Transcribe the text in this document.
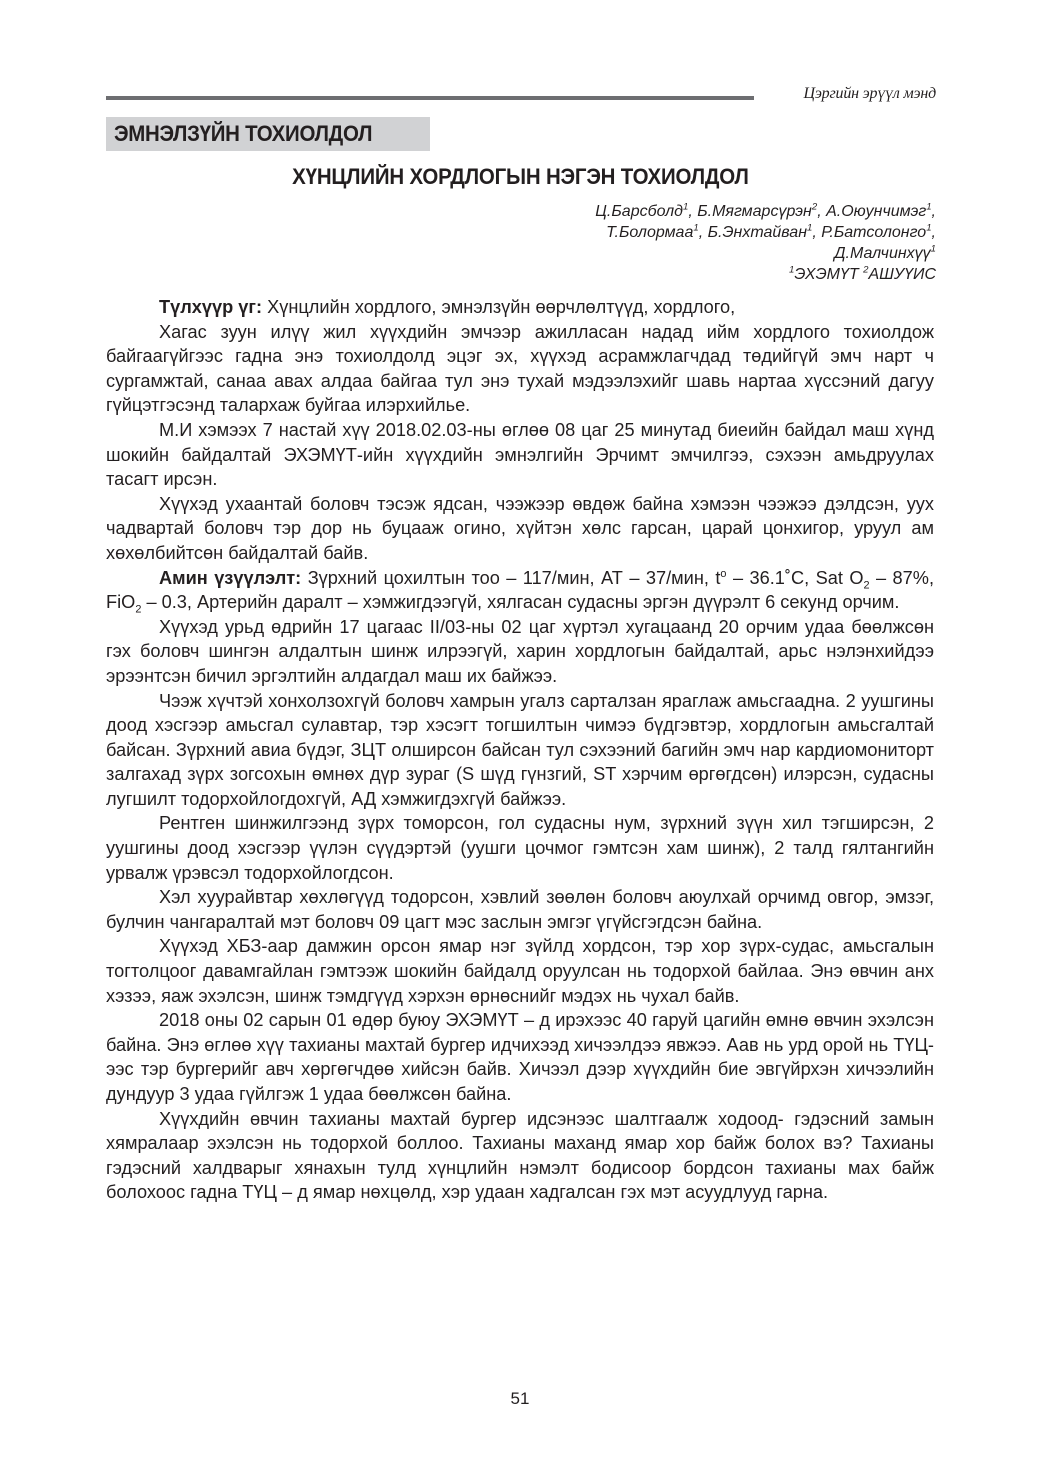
Цэргийн эрүүл мэнд
ЭМНЭЛЗҮЙН ТОХИОЛДОЛ
ХҮНЦЛИЙН ХОРДЛОГЫН НЭГЭН ТОХИОЛДОЛ
Ц.Барсболд$^1$, Б.Мягмарсүрэн$^2$, А.Оюунчимэг$^1$,
Т.Болормаа$^1$, Б.Энхтайван$^1$, Р.Батсолонго$^1$,
Д.Малчинхүү$^1$
$^1$ЭХЭМҮТ $^2$АШУҮИС

Түлхүүр үг: Хүнцлийн хордлого, эмнэлзүйн өөрчлөлтүүд, хордлого,

Хагас зуун илүү жил хүүхдийн эмчээр ажилласан надад ийм хордлого тохиолдож байгаагүйгээс гадна энэ тохиолдолд эцэг эх, хүүхэд асрамжлагчдад төдийгүй эмч нарт ч сургамжтай, санаа авах алдаа байгаа тул энэ тухай мэдээлэхийг шавь нартаа хүссэний дагуу гүйцэтгэсэнд талархаж буйгаа илэрхийлье.

М.И хэмээх 7 настай хүү 2018.02.03-ны өглөө 08 цаг 25 минутад биеийн байдал маш хүнд шокийн байдалтай ЭХЭМҮТ-ийн хүүхдийн эмнэлгийн Эрчимт эмчилгээ, сэхээн амьдруулах тасагт ирсэн.

Хүүхэд ухаантай боловч тэсэж ядсан, чээжээр өвдөж байна хэмээн чээжээ дэлдсэн, уух чадвартай боловч тэр дор нь буцааж огино, хүйтэн хөлс гарсан, царай цонхигор, уруул ам хөхөлбийтсөн байдалтай байв.

Амин үзүүлэлт: Зүрхний цохилтын тоо – 117/мин, АТ – 37/мин, $t^o$ – 36.1˚С, Sat $O_2 - 87\%$, FiO$_2$ – 0.3, Артерийн даралт – хэмжигдээгүй, хялгасан судасны эргэн дүүрэлт 6 секунд орчим.

Хүүхэд урьд өдрийн 17 цагаас II/03-ны 02 цаг хүртэл хугацаанд 20 орчим удаа бөөлжсөн гэх боловч шингэн алдалтын шинж илрээгүй, харин хордлогын байдалтай, арьс нэлэнхийдээ эрээнтсэн бичил эргэлтийн алдагдал маш их байжээ.

Чээж хүчтэй хонхолзохгүй боловч хамрын угалз сарталзан яраглаж амьсгаадна. 2 уушгины доод хэсгээр амьсгал сулавтар, тэр хэсэгт тогшилтын чимээ бүдгэвтэр, хордлогын амьсгалтай байсан. Зүрхний авиа бүдэг, ЗЦТ олширсон байсан тул сэхээний багийн эмч нар кардиомониторт залгахад зүрх зогсохын өмнөх дүр зураг (S шүд гүнзгий, ST хэрчим өргөгдсөн) илэрсэн, судасны лугшилт тодорхойлогдохгүй, АД хэмжигдэхгүй байжээ.

Рентген шинжилгээнд зүрх томорсон, гол судасны нум, зүрхний зүүн хил тэгширсэн, 2 уушгины доод хэсгээр үүлэн сүүдэртэй (уушги цочмог гэмтсэн хам шинж), 2 талд гялтангийн урвалж үрэвсэл тодорхойлогдсон.

Хэл хуурайвтар хөхлөгүүд тодорсон, хэвлий зөөлөн боловч аюулхай орчимд овгор, эмзэг, булчин чангаралтай мэт боловч 09 цагт мэс заслын эмгэг үгүйсгэгдсэн байна.

Хүүхэд ХБЗ-аар дамжин орсон ямар нэг зүйлд хордсон, тэр хор зүрх-судас, амьсгалын тогтолцоог давамгайлан гэмтээж шокийн байдалд оруулсан нь тодорхой байлаа. Энэ өвчин анх хэзээ, яаж эхэлсэн, шинж тэмдгүүд хэрхэн өрнөснийг мэдэх нь чухал байв.

2018 оны 02 сарын 01 өдөр буюу ЭХЭМҮТ – д ирэхээс 40 гаруй цагийн өмнө өвчин эхэлсэн байна. Энэ өглөө хүү тахианы махтай бургер идчихээд хичээлдээ явжээ. Аав нь урд орой нь ТҮЦ-ээс тэр бургерийг авч хөргөгчдөө хийсэн байв. Хичээл дээр хүүхдийн бие эвгүйрхэн хичээлийн дундуур 3 удаа гүйлгэж 1 удаа бөөлжсөн байна.

Хүүхдийн өвчин тахианы махтай бургер идсэнээс шалтгаалж ходоод- гэдэсний замын хямралаар эхэлсэн нь тодорхой боллоо. Тахианы маханд ямар хор байж болох вэ? Тахианы гэдэсний халдварыг хянахын тулд хүнцлийн нэмэлт бодисоор бордсон тахианы мах байж болохоос гадна ТҮЦ – д ямар нөхцөлд, хэр удаан хадгалсан гэх мэт асуудлууд гарна.

51
